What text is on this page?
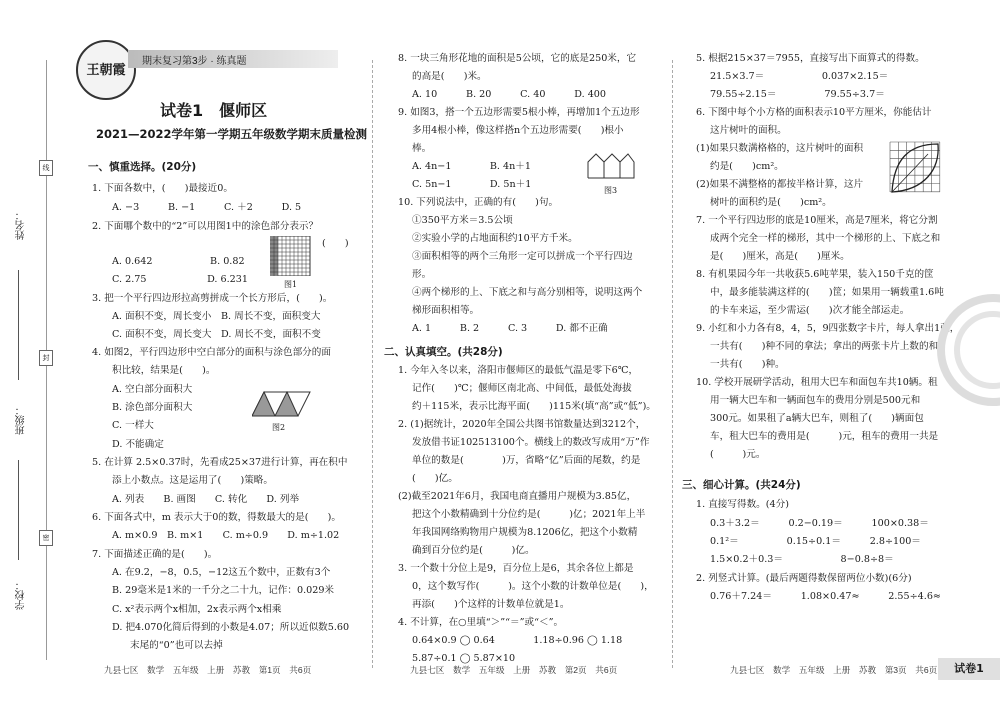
线
封
密
姓名：
班级：
学校：
王朝霞
期末复习第3步 · 练真题
试卷1　偃师区
2021—2022学年第一学期五年级数学期末质量检测
一、慎重选择。(20分)
1. 下面各数中，(　　)最接近0。
A. −3　　　B. −1　　　C. ＋2　　　D. 5
2. 下面哪个数中的“2”可以用图1中的涂色部分表示？
(　　)
A. 0.642　　　　　　B. 0.82
C. 2.75　　　　　　 D. 6.231	图1
3. 把一个平行四边形拉高剪拼成一个长方形后，(　　)。
A. 面积不变，周长变小　B. 周长不变，面积变大
C. 面积不变，周长变大　D. 周长不变，面积不变
4. 如图2，平行四边形中空白部分的面积与涂色部分的面
积比较，结果是(　　)。
A. 空白部分面积大
B. 涂色部分面积大
C. 一样大	图2
D. 不能确定
5. 在计算 2.5×0.37时，先看成25×37进行计算，再在积中
添上小数点。这是运用了(　　)策略。
A. 列表　　B. 画图　　C. 转化　　D. 列举
6. 下面各式中，m 表示大于0的数，得数最大的是(　　)。
A. m×0.9　B. m×1　　C. m÷0.9　　D. m÷1.02
7. 下面描述正确的是(　　)。
A. 在9.2，−8，0.5，−12这五个数中，正数有3个
B. 29毫米是1米的一千分之二十九，记作：0.029米
C. x²表示两个x相加，2x表示两个x相乘
D. 把4.070化简后得到的小数是4.07；所以近似数5.60
末尾的“0”也可以去掉
8. 一块三角形花地的面积是5公顷，它的底是250米，它
的高是(　　)米。
A. 10　　　B. 20　　　C. 40　　　D. 400
9. 如图3，搭一个五边形需要5根小棒，再增加1个五边形
多用4根小棒，像这样搭n个五边形需要(　　)根小
棒。
A. 4n−1　　　　B. 4n＋1
C. 5n−1　　　　D. 5n＋1
图3
10. 下列说法中，正确的有(　　)句。
①350平方米＝3.5公顷
②实验小学的占地面积约10平方千米。
③面积相等的两个三角形一定可以拼成一个平行四边
形。
④两个梯形的上、下底之和与高分别相等，说明这两个
梯形面积相等。
A. 1　　　B. 2　　　C. 3　　　D. 都不正确
二、认真填空。(共28分)
1. 今年入冬以来，洛阳市偃师区的最低气温是零下6℃，
记作(　　)℃；偃师区南北高、中间低，最低处海拔
约＋115米，表示比海平面(　　)115米(填“高”或“低”)。
2. (1)据统计，2020年全国公共图书馆数量达到3212个，
发放借书证102513100个。横线上的数改写成用“万”作
单位的数是(　　　　)万，省略“亿”后面的尾数，约是
(　　)亿。
(2)截至2021年6月，我国电商直播用户规模为3.85亿，
把这个小数精确到十分位约是(　　　)亿；2021年上半
年我国网络购物用户规模为8.1206亿，把这个小数精
确到百分位约是(　　　)亿。
3. 一个数十分位上是9，百分位上是6，其余各位上都是
0，这个数写作(　　　)。这个小数的计数单位是(　　)，
再添(　　)个这样的计数单位就是1。
4. 不计算，在○里填“＞”“＝”或“＜”。
0.64×0.9 ◯ 0.64　　　　1.18÷0.96 ◯ 1.18
5.87÷0.1 ◯ 5.87×10
5. 根据215×37＝7955，直接写出下面算式的得数。
21.5×3.7＝　　　　　　0.037×2.15＝
79.55÷2.15＝　　　　　79.55÷3.7＝
6. 下图中每个小方格的面积表示10平方厘米，你能估计
这片树叶的面积。
(1)如果只数满格格的，这片树叶的面积
约是(　　)cm²。
(2)如果不满整格的都按半格计算，这片
树叶的面积约是(　　)cm²。
7. 一个平行四边形的底是10厘米，高是7厘米，将它分割
成两个完全一样的梯形，其中一个梯形的上、下底之和
是(　　)厘米，高是(　　)厘米。
8. 有机果园今年一共收获5.6吨苹果，装入150千克的筐
中，最多能装满这样的(　　)筐；如果用一辆载重1.6吨
的卡车来运，至少需运(　　)次才能全部运走。
9. 小红和小力各有8，4，5，9四张数字卡片，每人拿出1张，
一共有(　　)种不同的拿法；拿出的两张卡片上数的和，
一共有(　　)种。
10. 学校开展研学活动，租用大巴车和面包车共10辆。租
用一辆大巴车和一辆面包车的费用分别是500元和
300元。如果租了a辆大巴车，则租了(　　)辆面包
车，租大巴车的费用是(　　　)元，租车的费用一共是
(　　　)元。
三、细心计算。(共24分)
1. 直接写得数。(4分)
0.3＋3.2＝　　　0.2−0.19＝　　　100×0.38＝
0.1²＝　　　　　0.15÷0.1＝　　　2.8÷100＝
1.5×0.2＋0.3＝　　　　　　8−0.8÷8＝
2. 列竖式计算。(最后两题得数保留两位小数)(6分)
0.76＋7.24＝　　　1.08×0.47≈　　　2.55÷4.6≈
九县七区　数学　五年级　上册　苏教　第2页　共6页
九县七区　数学　五年级　上册　苏教　第1页　共6页	九县七区　数学　五年级　上册　苏教　第3页　共6页	试卷1
